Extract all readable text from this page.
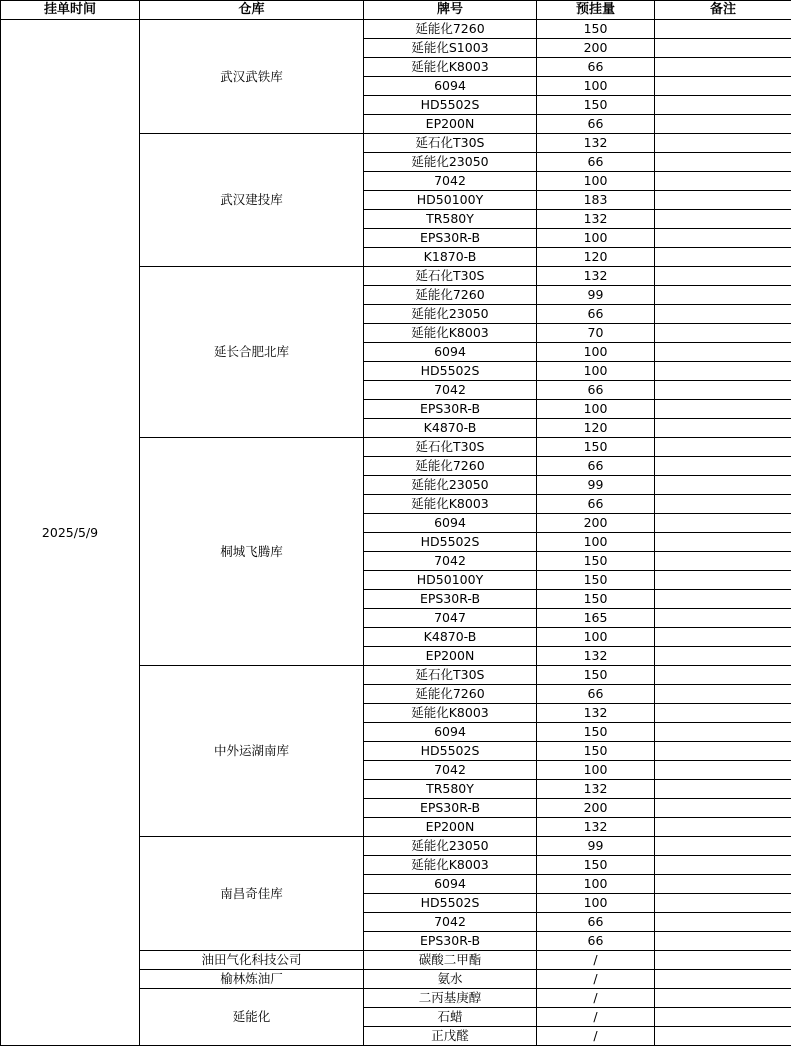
挂单时间	仓库	牌号	预挂量	备注
2025/5/9	武汉武铁库	延能化7260	150	
		延能化S1003	200	
		延能化K8003	66	
		6094	100	
		HD5502S	150	
		EP200N	66	
	武汉建投库	延石化T30S	132	
		延能化23050	66	
		7042	100	
		HD50100Y	183	
		TR580Y	132	
		EPS30R-B	100	
		K1870-B	120	
	延长合肥北库	延石化T30S	132	
		延能化7260	99	
		延能化23050	66	
		延能化K8003	70	
		6094	100	
		HD5502S	100	
		7042	66	
		EPS30R-B	100	
		K4870-B	120	
	桐城飞腾库	延石化T30S	150	
		延能化7260	66	
		延能化23050	99	
		延能化K8003	66	
		6094	200	
		HD5502S	100	
		7042	150	
		HD50100Y	150	
		EPS30R-B	150	
		7047	165	
		K4870-B	100	
		EP200N	132	
	中外运湖南库	延石化T30S	150	
		延能化7260	66	
		延能化K8003	132	
		6094	150	
		HD5502S	150	
		7042	100	
		TR580Y	132	
		EPS30R-B	200	
		EP200N	132	
	南昌奇佳库	延能化23050	99	
		延能化K8003	150	
		6094	100	
		HD5502S	100	
		7042	66	
		EPS30R-B	66	
	油田气化科技公司	碳酸二甲酯	/	
	榆林炼油厂	氨水	/	
	延能化	二丙基庚醇	/	
		石蜡	/	
		正戊醛	/	
